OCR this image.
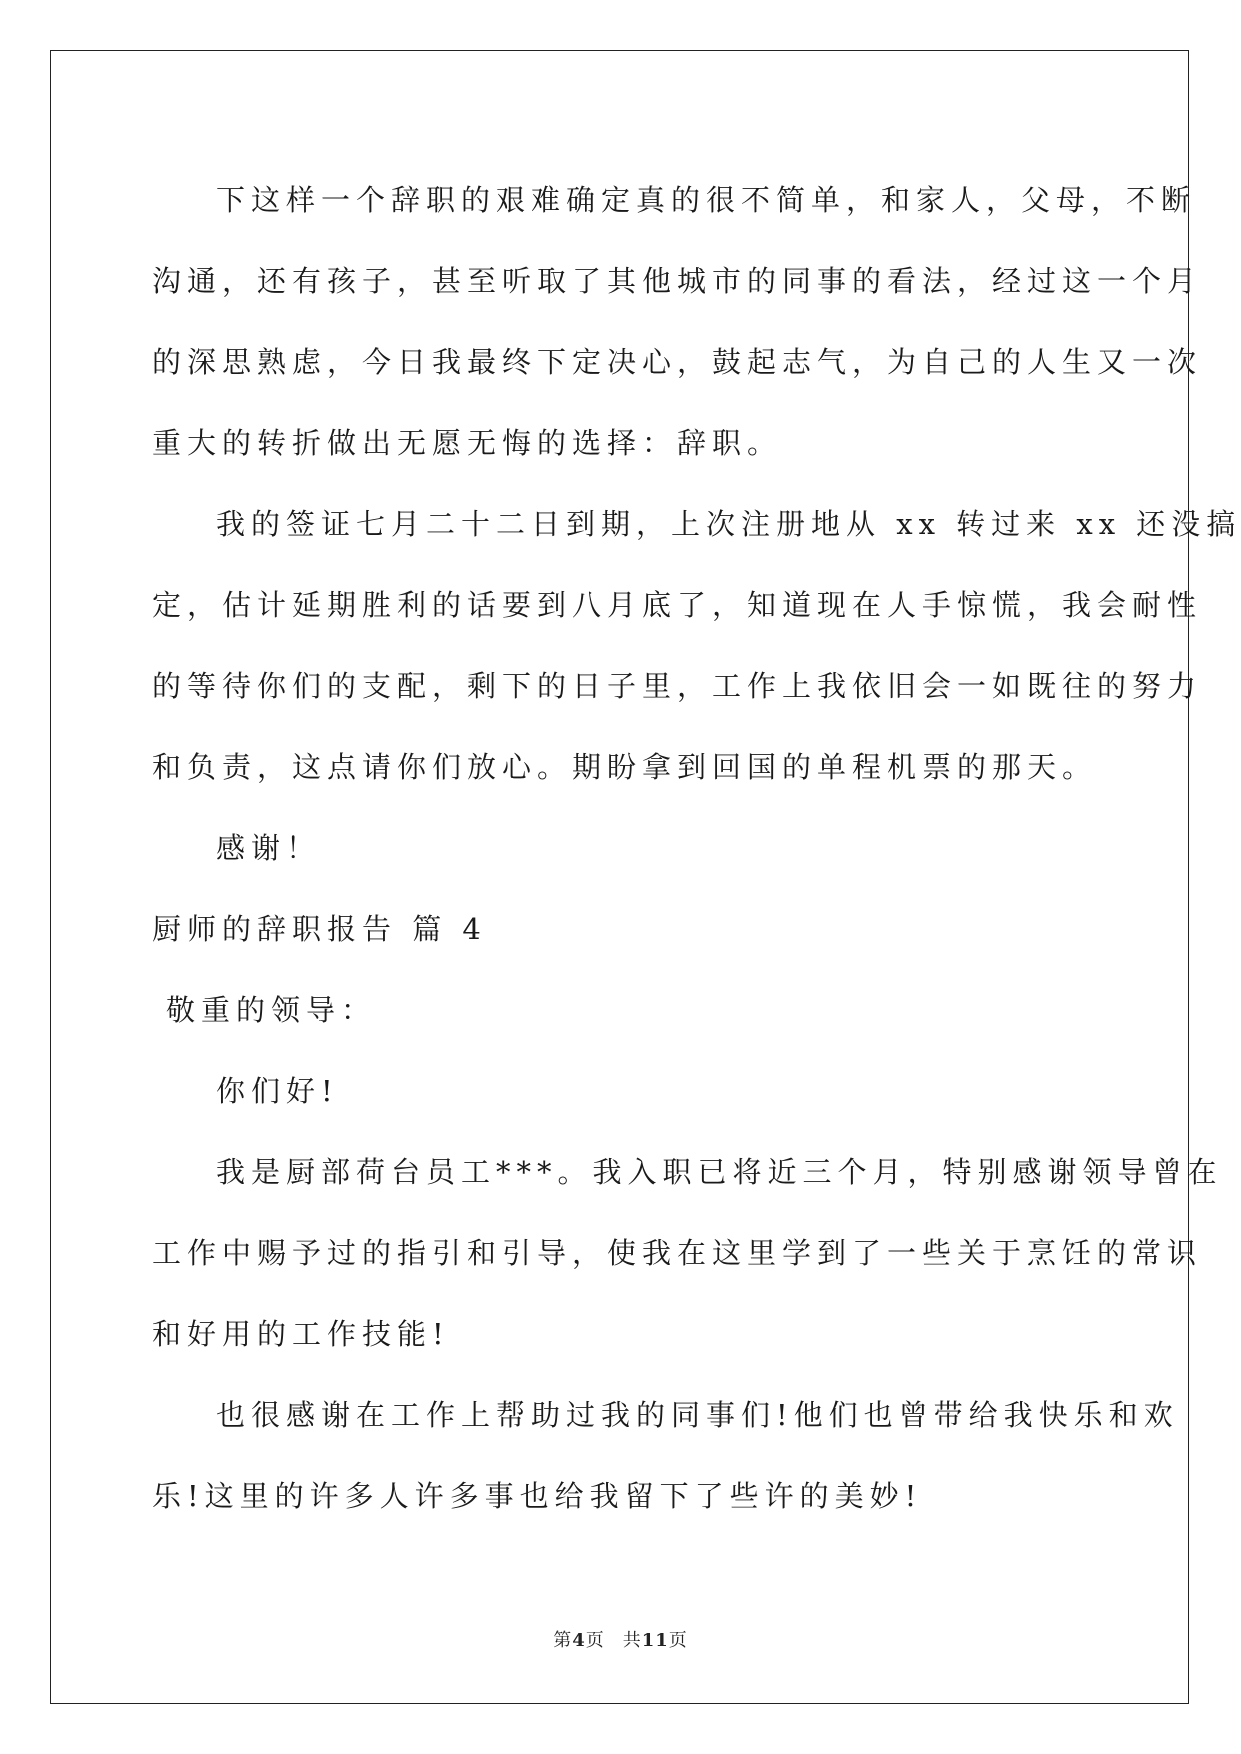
下这样一个辞职的艰难确定真的很不简单，和家人，父母，不断
沟通，还有孩子，甚至听取了其他城市的同事的看法，经过这一个月
的深思熟虑，今日我最终下定决心，鼓起志气，为自己的人生又一次
重大的转折做出无愿无悔的选择：辞职。
我的签证七月二十二日到期，上次注册地从 xx 转过来 xx 还没搞
定，估计延期胜利的话要到八月底了，知道现在人手惊慌，我会耐性
的等待你们的支配，剩下的日子里，工作上我依旧会一如既往的努力
和负责，这点请你们放心。期盼拿到回国的单程机票的那天。
感谢！
厨师的辞职报告 篇 4
敬重的领导：
你们好!
我是厨部荷台员工***。我入职已将近三个月，特别感谢领导曾在
工作中赐予过的指引和引导，使我在这里学到了一些关于烹饪的常识
和好用的工作技能!
也很感谢在工作上帮助过我的同事们!他们也曾带给我快乐和欢
乐!这里的许多人许多事也给我留下了些许的美妙!
第4页 共11页
